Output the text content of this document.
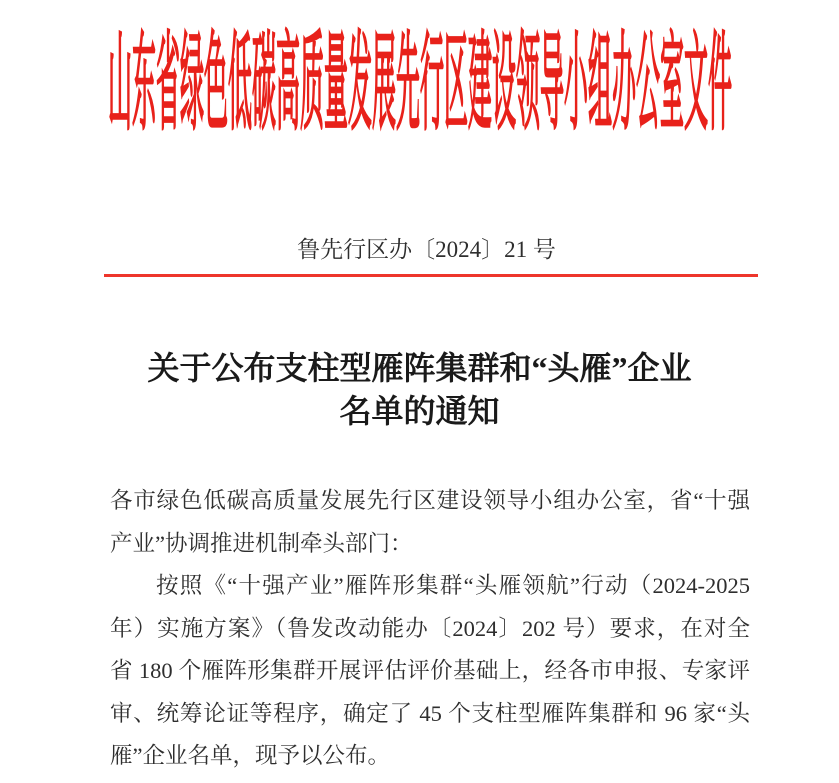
山东省绿色低碳高质量发展先行区建设领导小组办公室文件
鲁先行区办〔2024〕21 号
关于公布支柱型雁阵集群和“头雁”企业
名单的通知
各市绿色低碳高质量发展先行区建设领导小组办公室，省“十强
产业”协调推进机制牵头部门：
按照《“十强产业”雁阵形集群“头雁领航”行动（2024-2025
年）实施方案》（鲁发改动能办〔2024〕202 号）要求，在对全
省 180 个雁阵形集群开展评估评价基础上，经各市申报、专家评
审、统筹论证等程序，确定了 45 个支柱型雁阵集群和 96 家“头
雁”企业名单，现予以公布。
